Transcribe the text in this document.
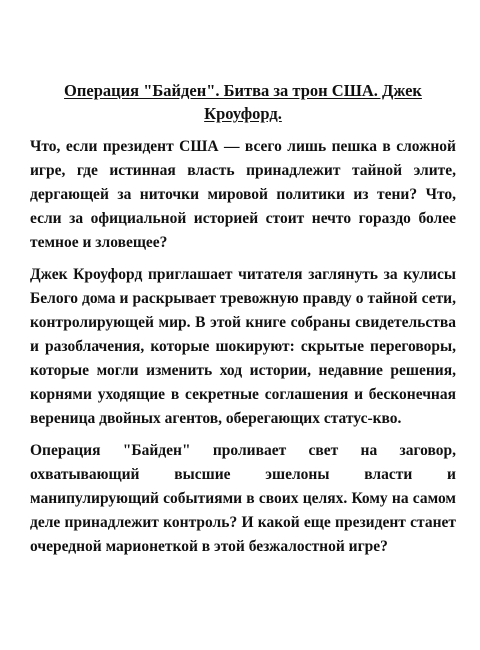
Операция "Байден". Битва за трон США. Джек Кроуфорд.

Что, если президент США — всего лишь пешка в сложной игре, где истинная власть принадлежит тайной элите, дергающей за ниточки мировой политики из тени? Что, если за официальной историей стоит нечто гораздо более темное и зловещее?

Джек Кроуфорд приглашает читателя заглянуть за кулисы Белого дома и раскрывает тревожную правду о тайной сети, контролирующей мир. В этой книге собраны свидетельства и разоблачения, которые шокируют: скрытые переговоры, которые могли изменить ход истории, недавние решения, корнями уходящие в секретные соглашения и бесконечная вереница двойных агентов, оберегающих статус-кво.

Операция "Байден" проливает свет на заговор, охватывающий высшие эшелоны власти и манипулирующий событиями в своих целях. Кому на самом деле принадлежит контроль? И какой еще президент станет очередной марионеткой в этой безжалостной игре?
